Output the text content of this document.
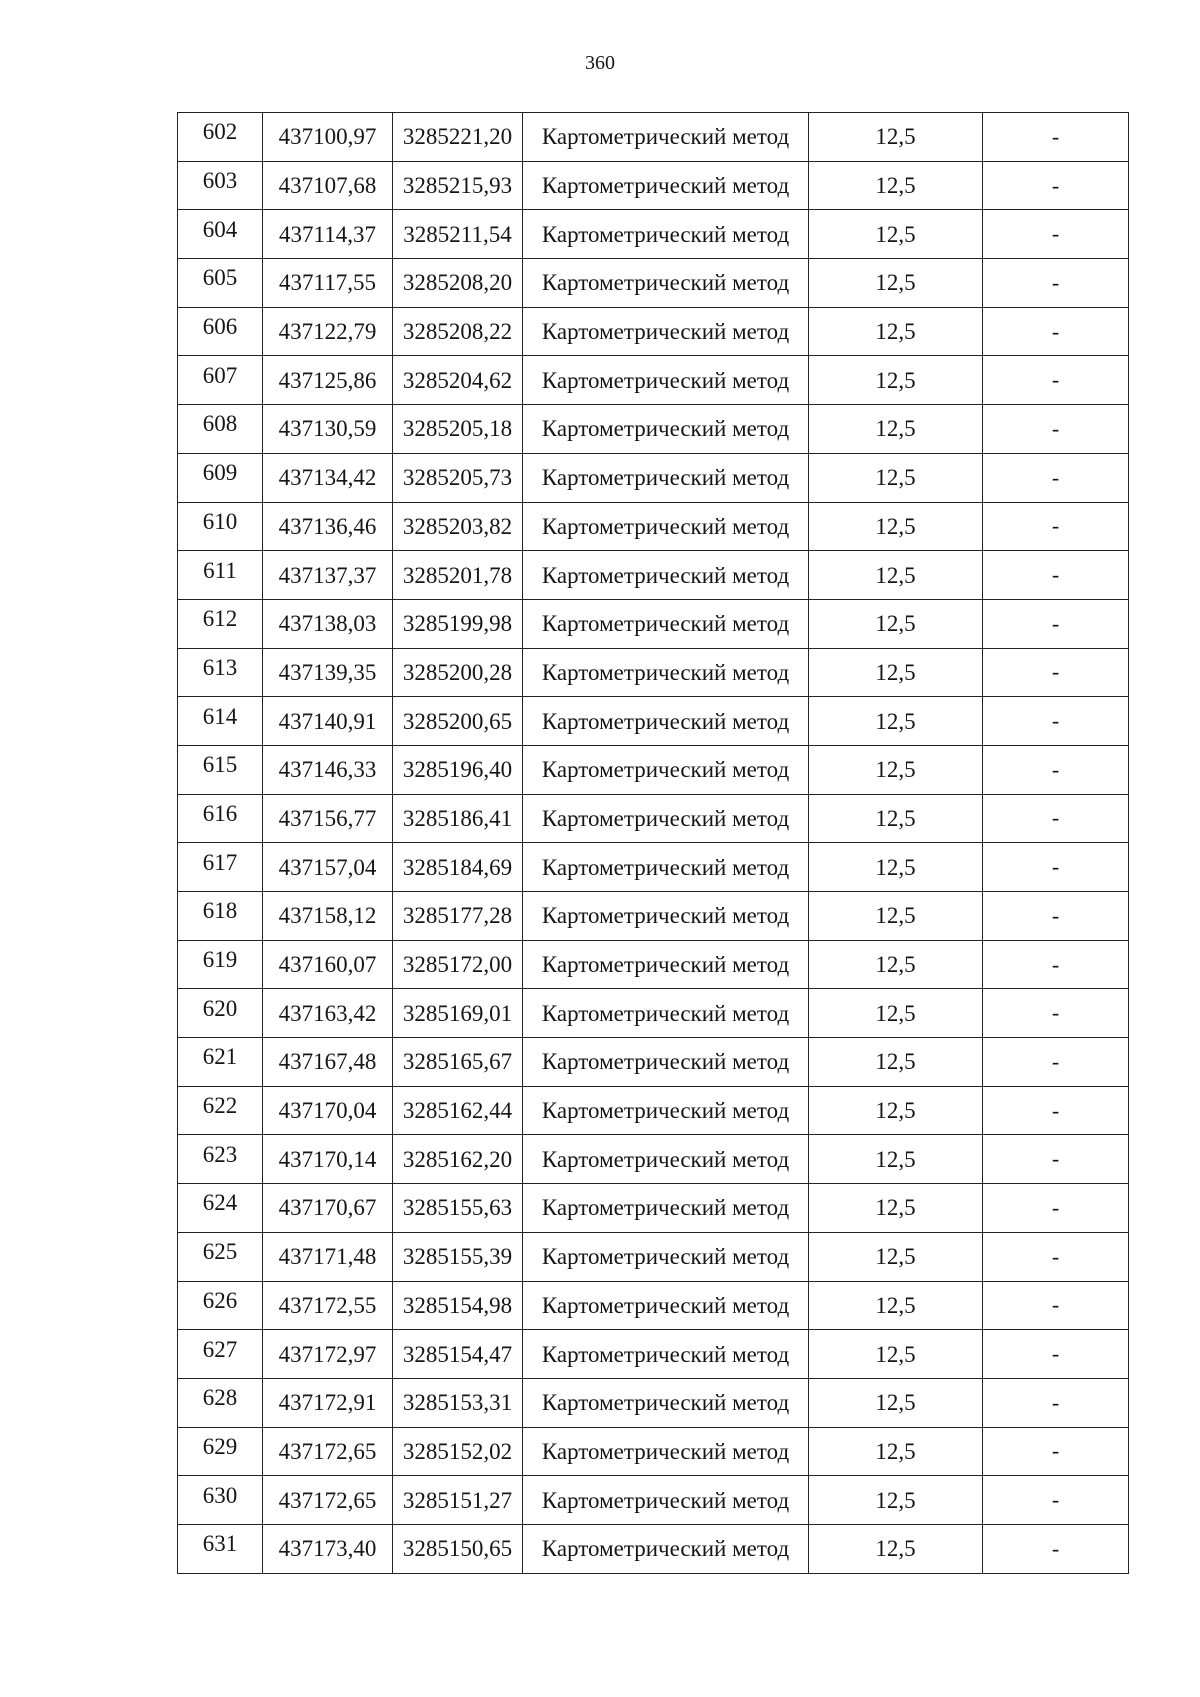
360
602	437100,97	3285221,20	Картометрический метод	12,5	-
603	437107,68	3285215,93	Картометрический метод	12,5	-
604	437114,37	3285211,54	Картометрический метод	12,5	-
605	437117,55	3285208,20	Картометрический метод	12,5	-
606	437122,79	3285208,22	Картометрический метод	12,5	-
607	437125,86	3285204,62	Картометрический метод	12,5	-
608	437130,59	3285205,18	Картометрический метод	12,5	-
609	437134,42	3285205,73	Картометрический метод	12,5	-
610	437136,46	3285203,82	Картометрический метод	12,5	-
611	437137,37	3285201,78	Картометрический метод	12,5	-
612	437138,03	3285199,98	Картометрический метод	12,5	-
613	437139,35	3285200,28	Картометрический метод	12,5	-
614	437140,91	3285200,65	Картометрический метод	12,5	-
615	437146,33	3285196,40	Картометрический метод	12,5	-
616	437156,77	3285186,41	Картометрический метод	12,5	-
617	437157,04	3285184,69	Картометрический метод	12,5	-
618	437158,12	3285177,28	Картометрический метод	12,5	-
619	437160,07	3285172,00	Картометрический метод	12,5	-
620	437163,42	3285169,01	Картометрический метод	12,5	-
621	437167,48	3285165,67	Картометрический метод	12,5	-
622	437170,04	3285162,44	Картометрический метод	12,5	-
623	437170,14	3285162,20	Картометрический метод	12,5	-
624	437170,67	3285155,63	Картометрический метод	12,5	-
625	437171,48	3285155,39	Картометрический метод	12,5	-
626	437172,55	3285154,98	Картометрический метод	12,5	-
627	437172,97	3285154,47	Картометрический метод	12,5	-
628	437172,91	3285153,31	Картометрический метод	12,5	-
629	437172,65	3285152,02	Картометрический метод	12,5	-
630	437172,65	3285151,27	Картометрический метод	12,5	-
631	437173,40	3285150,65	Картометрический метод	12,5	-
